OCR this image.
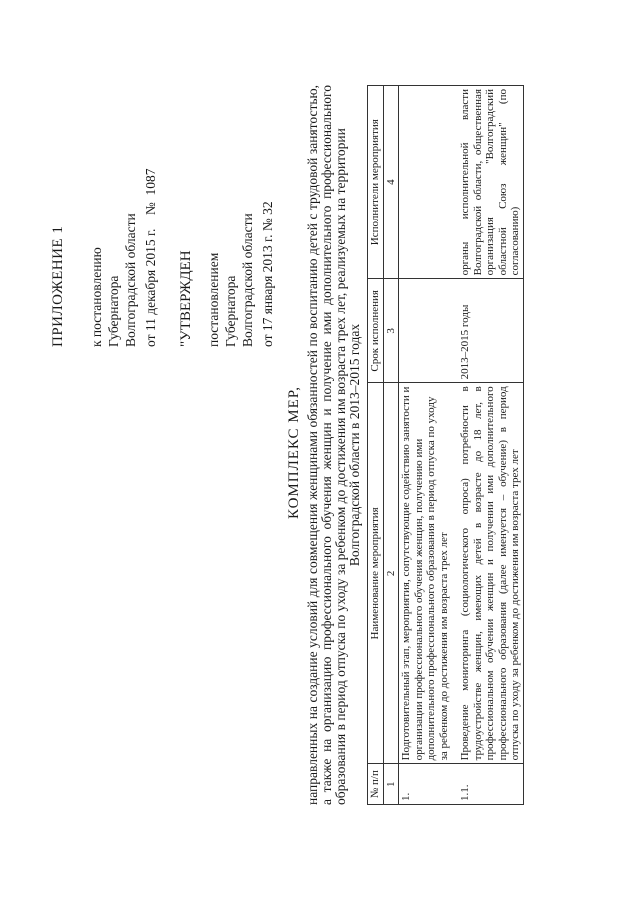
ПРИЛОЖЕНИЕ 1 к постановлению Губернатора Волгоградской области от 11 декабря 2015 г.    №  1087 "УТВЕРЖДЕН постановлением Губернатора Волгоградской области от 17 января 2013 г. № 32
КОМПЛЕКС МЕР, направленных на создание условий для совмещения женщинами обязанностей по воспитанию детей с трудовой занятостью, а также на организацию профессионального обучения женщин и получение ими дополнительного профессионального образования в период отпуска по уходу за ребенком до достижения им возраста трех лет, реализуемых на территории Волгоградской области в 2013–2015 годах
№ п/п	Наименование мероприятия	Срок исполнения	Исполнители мероприятия
1	2	3	4
1.	Подготовительный этап, мероприятия, сопутствующие содействию занятости и организации профессионального обучения женщин, получению ими дополнительного профессионального образования в период отпуска по уходу за ребенком до достижения им возраста трех лет		
1.1.	Проведение мониторинга (социологического опроса) потребности в трудоустройстве женщин, имеющих детей в возрасте до 18 лет, в профессиональном обучении женщин и получении ими дополнительного профессионального образования (далее именуется – обучение) в период отпуска по уходу за ребенком до достижения им возраста трех лет	2013–2015 годы	органы исполнительной власти Волгоградской области, общественная организация "Волгоградский областной Союз женщин" (по согласованию)
